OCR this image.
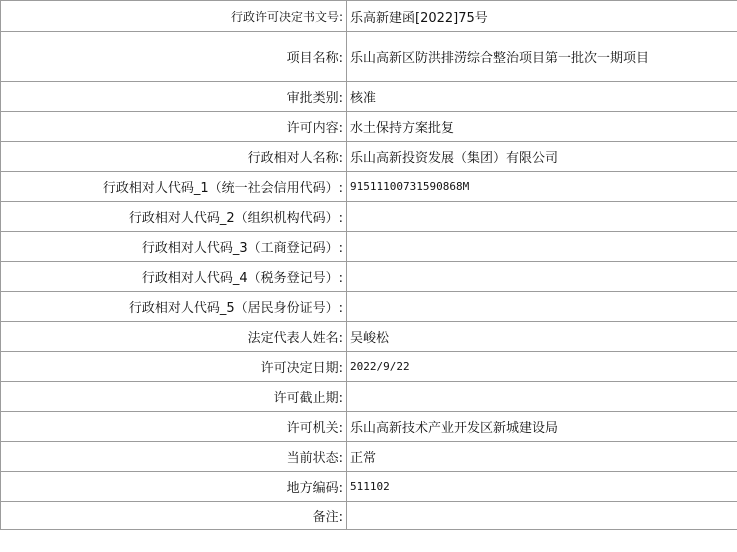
行政许可决定书文号:	乐高新建函[2022]75号
项目名称:	乐山高新区防洪排涝综合整治项目第一批次一期项目
审批类别:	核准
许可内容:	水土保持方案批复
行政相对人名称:	乐山高新投资发展（集团）有限公司
行政相对人代码_1（统一社会信用代码）:	91511100731590868M
行政相对人代码_2（组织机构代码）:	
行政相对人代码_3（工商登记码）:	
行政相对人代码_4（税务登记号）:	
行政相对人代码_5（居民身份证号）:	
法定代表人姓名:	吴峻松
许可决定日期:	2022/9/22
许可截止期:	
许可机关:	乐山高新技术产业开发区新城建设局
当前状态:	正常
地方编码:	511102
备注:	
